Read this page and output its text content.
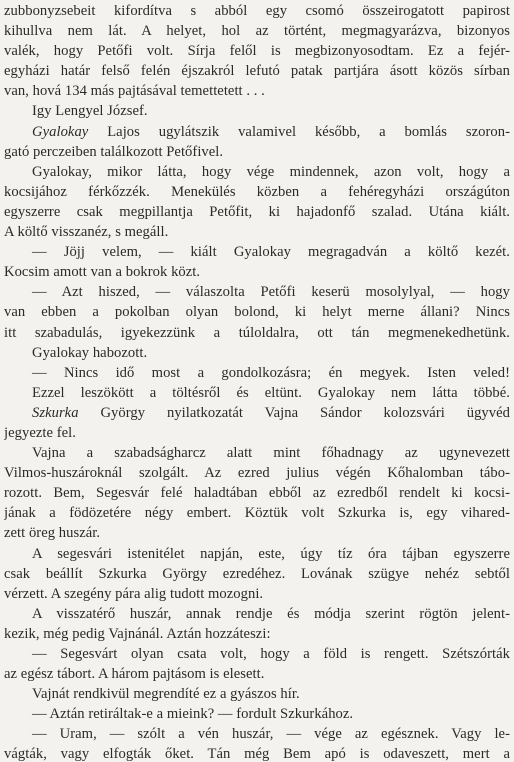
zubbonyzsebeit kifordítva s abból egy csomó összeirogatott papirost
kihullva nem lát. A helyet, hol az történt, megmagyarázva, bizonyos
valék, hogy Petőfi volt. Sírja felől is megbizonyosodtam. Ez a fejér-
egyházi határ felső felén éjszakról lefutó patak partjára ásott közös sírban
van, hová 134 más pajtásával temettetett . . .
Igy Lengyel József.
Gyalokay Lajos ugylátszik valamivel később, a bomlás szoron-
gató perczeiben találkozott Petőfivel.
Gyalokay, mikor látta, hogy vége mindennek, azon volt, hogy a
kocsijához férkőzzék. Menekülés közben a fehéregyházi országúton
egyszerre csak megpillantja Petőfit, ki hajadonfő szalad. Utána kiált.
A költő visszanéz, s megáll.
— Jöjj velem, — kiált Gyalokay megragadván a költő kezét.
Kocsim amott van a bokrok közt.
— Azt hiszed, — válaszolta Petőfi keserü mosolylyal, — hogy
van ebben a pokolban olyan bolond, ki helyt merne állani? Nincs
itt szabadulás, igyekezzünk a túloldalra, ott tán megmenekedhetünk.
Gyalokay habozott.
— Nincs idő most a gondolkozásra; én megyek. Isten veled!
Ezzel leszökött a töltésről és eltünt. Gyalokay nem látta többé.
Szkurka György nyilatkozatát Vajna Sándor kolozsvári ügyvéd
jegyezte fel.
Vajna a szabadságharcz alatt mint főhadnagy az ugynevezett
Vilmos-huszároknál szolgált. Az ezred julius végén Kőhalomban tábo-
rozott. Bem, Segesvár felé haladtában ebből az ezredből rendelt ki kocsi-
jának a födözetére négy embert. Köztük volt Szkurka is, egy vihared-
zett öreg huszár.
A segesvári istenitélet napján, este, úgy tíz óra tájban egyszerre
csak beállít Szkurka György ezredéhez. Lovának szügye nehéz sebtől
vérzett. A szegény pára alig tudott mozogni.
A visszatérő huszár, annak rendje és módja szerint rögtön jelent-
kezik, még pedig Vajnánál. Aztán hozzáteszi:
— Segesvárt olyan csata volt, hogy a föld is rengett. Szétszórták
az egész tábort. A három pajtásom is elesett.
Vajnát rendkivül megrendíté ez a gyászos hír.
— Aztán retiráltak-e a mieink? — fordult Szkurkához.
— Uram, — szólt a vén huszár, — vége az egésznek. Vagy le-
vágták, vagy elfogták őket. Tán még Bem apó is odaveszett, mert a
